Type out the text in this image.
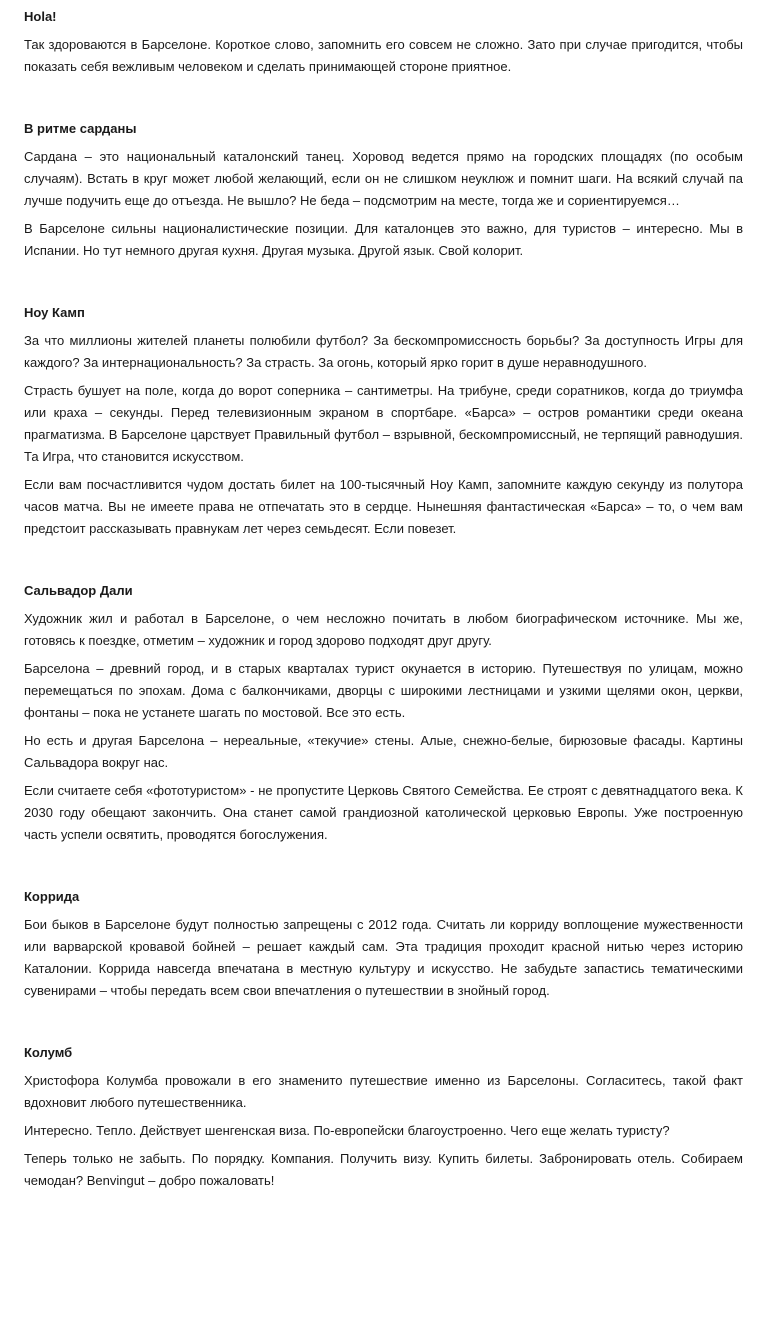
Hola!

Так здороваются в Барселоне. Короткое слово, запомнить его совсем не сложно. Зато при случае пригодится, чтобы показать себя вежливым человеком и сделать принимающей стороне приятное.

В ритме сарданы

Сардана – это национальный каталонский танец. Хоровод ведется прямо на городских площадях (по особым случаям). Встать в круг может любой желающий, если он не слишком неуклюж и помнит шаги. На всякий случай па лучше подучить еще до отъезда. Не вышло? Не беда – подсмотрим на месте, тогда же и сориентируемся…

В Барселоне сильны националистические позиции. Для каталонцев это важно, для туристов – интересно. Мы в Испании. Но тут немного другая кухня. Другая музыка. Другой язык. Свой колорит.

Ноу Камп

За что миллионы жителей планеты полюбили футбол? За бескомпромиссность борьбы? За доступность Игры для каждого? За интернациональность? За страсть. За огонь, который ярко горит в душе неравнодушного.

Страсть бушует на поле, когда до ворот соперника – сантиметры. На трибуне, среди соратников, когда до триумфа или краха – секунды. Перед телевизионным экраном в спортбаре. «Барса» – остров романтики среди океана прагматизма. В Барселоне царствует Правильный футбол – взрывной, бескомпромиссный, не терпящий равнодушия. Та Игра, что становится искусством.

Если вам посчастливится чудом достать билет на 100-тысячный Ноу Камп, запомните каждую секунду из полутора часов матча. Вы не имеете права не отпечатать это в сердце. Нынешняя фантастическая «Барса» – то, о чем вам предстоит рассказывать правнукам лет через семьдесят. Если повезет.

Сальвадор Дали

Художник жил и работал в Барселоне, о чем несложно почитать в любом биографическом источнике. Мы же, готовясь к поездке, отметим – художник и город здорово подходят друг другу.

Барселона – древний город, и в старых кварталах турист окунается в историю. Путешествуя по улицам, можно перемещаться по эпохам. Дома с балкончиками, дворцы с широкими лестницами и узкими щелями окон, церкви, фонтаны – пока не устанете шагать по мостовой. Все это есть.

Но есть и другая Барселона – нереальные, «текучие» стены. Алые, снежно-белые, бирюзовые фасады. Картины Сальвадора вокруг нас.

Если считаете себя «фототуристом» - не пропустите Церковь Святого Семейства. Ее строят с девятнадцатого века. К 2030 году обещают закончить. Она станет самой грандиозной католической церковью Европы. Уже построенную часть успели освятить, проводятся богослужения.

Коррида

Бои быков в Барселоне будут полностью запрещены с 2012 года. Считать ли корриду воплощение мужественности или варварской кровавой бойней – решает каждый сам. Эта традиция проходит красной нитью через историю Каталонии. Коррида навсегда впечатана в местную культуру и искусство. Не забудьте запастись тематическими сувенирами – чтобы передать всем свои впечатления о путешествии в знойный город.

Колумб

Христофора Колумба провожали в его знаменито путешествие именно из Барселоны. Согласитесь, такой факт вдохновит любого путешественника.

Интересно. Тепло. Действует шенгенская виза. По-европейски благоустроенно. Чего еще желать туристу?

Теперь только не забыть. По порядку. Компания. Получить визу. Купить билеты. Забронировать отель. Собираем чемодан? Benvingut – добро пожаловать!
